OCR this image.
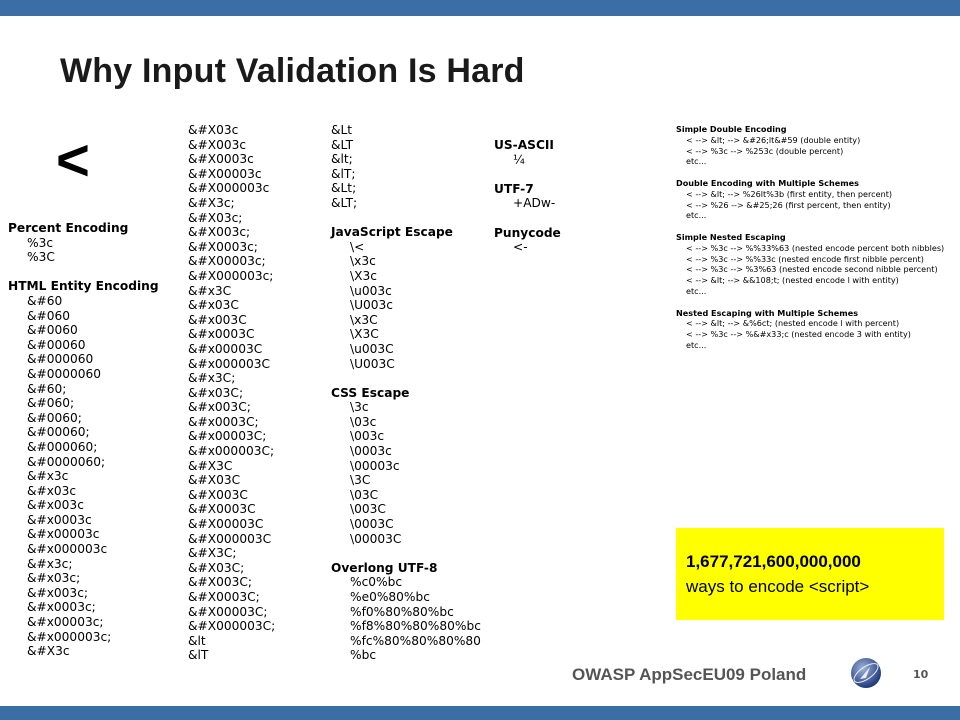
Why Input Validation Is Hard
<
Percent Encoding
%3c
%3C
HTML Entity Encoding
&#60
&#060
&#0060
&#00060
&#000060
&#0000060
&#60;
&#060;
&#0060;
&#00060;
&#000060;
&#0000060;
&#x3c
&#x03c
&#x003c
&#x0003c
&#x00003c
&#x000003c
&#x3c;
&#x03c;
&#x003c;
&#x0003c;
&#x00003c;
&#x000003c;
&#X3c
&#X03c
&#X003c
&#X0003c
&#X00003c
&#X000003c
&#X3c;
&#X03c;
&#X003c;
&#X0003c;
&#X00003c;
&#X000003c;
&#x3C
&#x03C
&#x003C
&#x0003C
&#x00003C
&#x000003C
&#x3C;
&#x03C;
&#x003C;
&#x0003C;
&#x00003C;
&#x000003C;
&#X3C
&#X03C
&#X003C
&#X0003C
&#X00003C
&#X000003C
&#X3C;
&#X03C;
&#X003C;
&#X0003C;
&#X00003C;
&#X000003C;
&lt
&lT
&Lt
&LT
&lt;
&lT;
&Lt;
&LT;
JavaScript Escape
\<
\x3c
\X3c
\u003c
\U003c
\x3C
\X3C
\u003C
\U003C
CSS Escape
\3c
\03c
\003c
\0003c
\00003c
\3C
\03C
\003C
\0003C
\00003C
Overlong UTF-8
%c0%bc
%e0%80%bc
%f0%80%80%bc
%f8%80%80%80%bc
%fc%80%80%80%80
%bc
US-ASCII
¼
UTF-7
+ADw-
Punycode
<-
Simple Double Encoding
< --> &lt; --> &#26;lt&#59 (double entity)
< --> %3c --> %253c (double percent)
etc...
Double Encoding with Multiple Schemes
< --> &lt; --> %26lt%3b (first entity, then percent)
< --> %26 --> &#25;26 (first percent, then entity)
etc...
Simple Nested Escaping
< --> %3c --> %%33%63 (nested encode percent both nibbles)
< --> %3c --> %%33c (nested encode first nibble percent)
< --> %3c --> %3%63 (nested encode second nibble percent)
< --> &lt; --> &&108;t; (nested encode l with entity)
etc...
Nested Escaping with Multiple Schemes
< --> &lt; --> &%6ct; (nested encode l with percent)
< --> %3c --> %&#x33;c (nested encode 3 with entity)
etc...
1,677,721,600,000,000
ways to encode <script>
OWASP AppSecEU09 Poland	10
